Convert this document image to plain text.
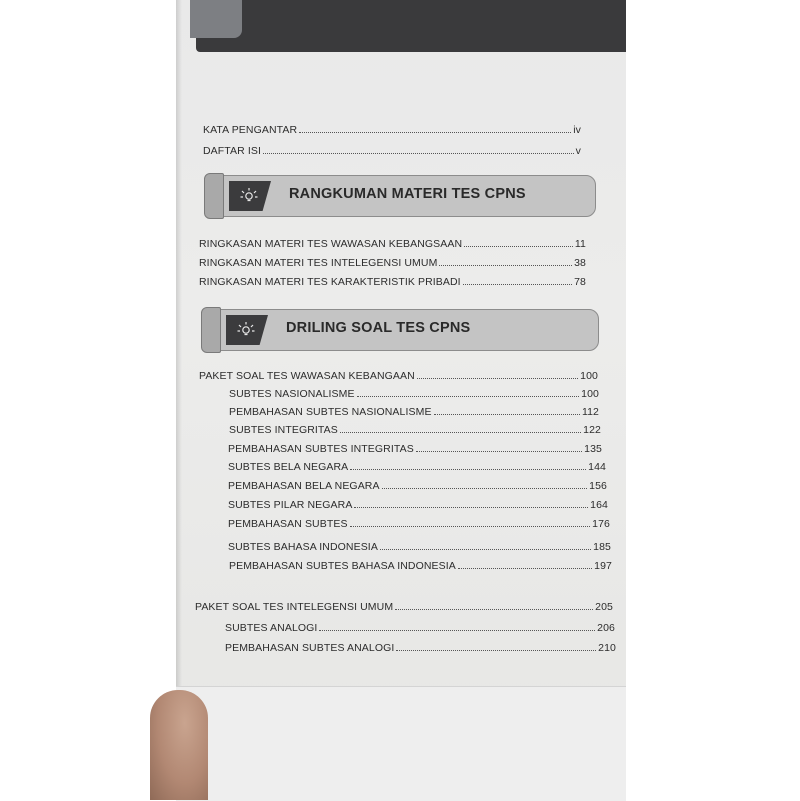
KATA PENGANTAR	iv
DAFTAR ISI	v
RANGKUMAN MATERI TES CPNS
RINGKASAN MATERI TES WAWASAN KEBANGSAAN	11
RINGKASAN MATERI TES INTELEGENSI UMUM	38
RINGKASAN MATERI TES KARAKTERISTIK PRIBADI	78
DRILING SOAL TES CPNS
PAKET SOAL TES WAWASAN KEBANGAAN	100
SUBTES NASIONALISME	100
PEMBAHASAN SUBTES NASIONALISME	112
SUBTES INTEGRITAS	122
PEMBAHASAN SUBTES INTEGRITAS	135
SUBTES BELA NEGARA	144
PEMBAHASAN BELA NEGARA	156
SUBTES PILAR NEGARA	164
PEMBAHASAN SUBTES	176
SUBTES BAHASA INDONESIA	185
PEMBAHASAN SUBTES BAHASA INDONESIA	197
PAKET SOAL TES INTELEGENSI UMUM	205
SUBTES ANALOGI	206
PEMBAHASAN SUBTES ANALOGI	210
